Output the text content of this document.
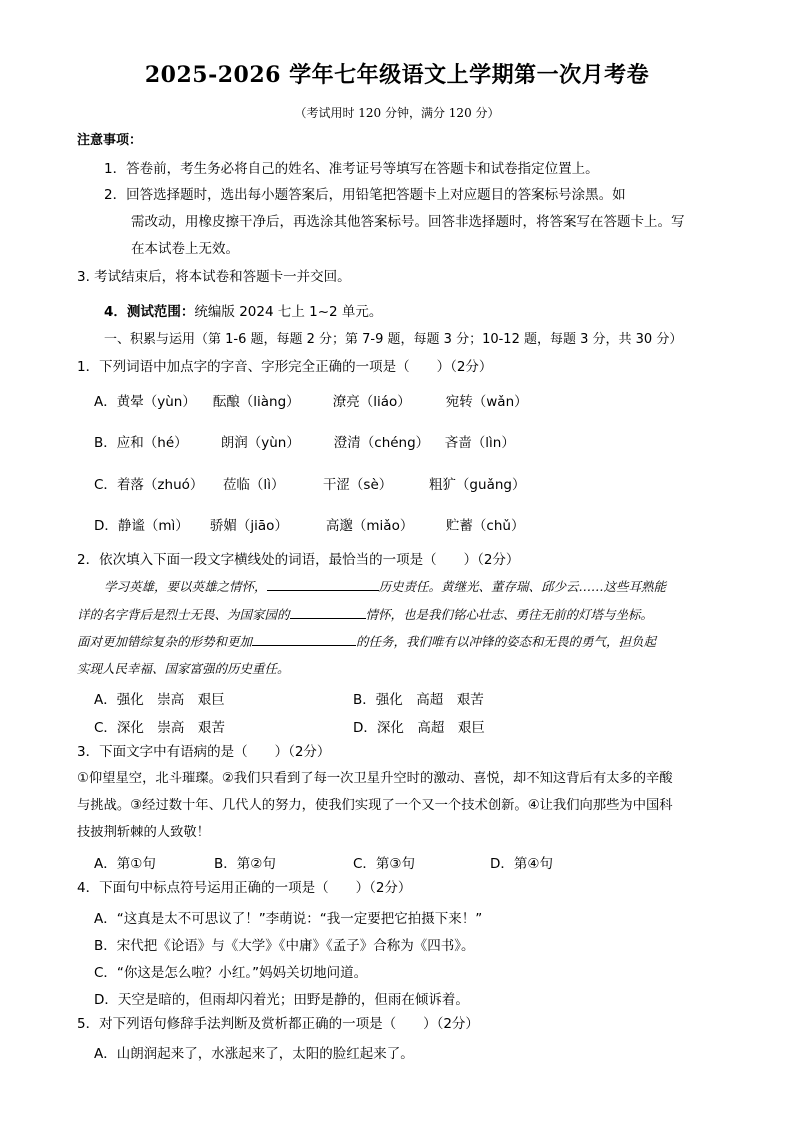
2025-2026 学年七年级语文上学期第一次月考卷
（考试用时 120 分钟，满分 120 分）
注意事项：
1．答卷前，考生务必将自己的姓名、准考证号等填写在答题卡和试卷指定位置上。
2．回答选择题时，选出每小题答案后，用铅笔把答题卡上对应题目的答案标号涂黑。如
需改动，用橡皮擦干净后，再选涂其他答案标号。回答非选择题时，将答案写在答题卡上。写
在本试卷上无效。
3. 考试结束后，将本试卷和答题卡一并交回。
4．测试范围：统编版 2024 七上 1~2 单元。
一、积累与运用（第 1-6 题，每题 2 分；第 7-9 题，每题 3 分；10-12 题，每题 3 分，共 30 分）
1．下列词语中加点字的字音、字形完全正确的一项是（　　）（2分）
A．黄晕（yùn） 酝酿（liàng） 潦亮（liáo）	宛转（wǎn）
B．应和（hé） 朗润（yùn）	澄清（chéng） 吝啬（lìn）
C．着落（zhuó） 莅临（lì）	干涩（sè）	粗犷（guǎng）
D．静谧（mì） 骄媚（jiāo）	高邈（miǎo） 贮蓄（chǔ）
2．依次填入下面一段文字横线处的词语，最恰当的一项是（　　）（2分）
学习英雄，要以英雄之情怀，	历史责任。黄继光、董存瑞、邱少云……这些耳熟能
详的名字背后是烈士无畏、为国家园的	情怀，也是我们铭心壮志、勇往无前的灯塔与坐标。
面对更加错综复杂的形势和更加	的任务，我们唯有以冲锋的姿态和无畏的勇气，担负起
实现人民幸福、国家富强的历史重任。
A．强化　崇高　艰巨	B．强化　高超　艰苦
C．深化　崇高　艰苦	D．深化　高超　艰巨
3．下面文字中有语病的是（　　）（2分）
①仰望星空，北斗璀璨。②我们只看到了每一次卫星升空时的激动、喜悦，却不知这背后有太多的辛酸
与挑战。③经过数十年、几代人的努力，使我们实现了一个又一个技术创新。④让我们向那些为中国科
技披荆斩棘的人致敬！
A．第①句	B．第②句	C．第③句	D．第④句
4．下面句中标点符号运用正确的一项是（　　）（2分）
A．“这真是太不可思议了！”李萌说：“我一定要把它拍摄下来！”
B．宋代把《论语》与《大学》《中庸》《孟子》合称为《四书》。
C．“你这是怎么啦？小红。”妈妈关切地问道。
D．天空是暗的，但雨却闪着光；田野是静的，但雨在倾诉着。
5．对下列语句修辞手法判断及赏析都正确的一项是（　　）（2分）
A．山朗润起来了，水涨起来了，太阳的脸红起来了。
